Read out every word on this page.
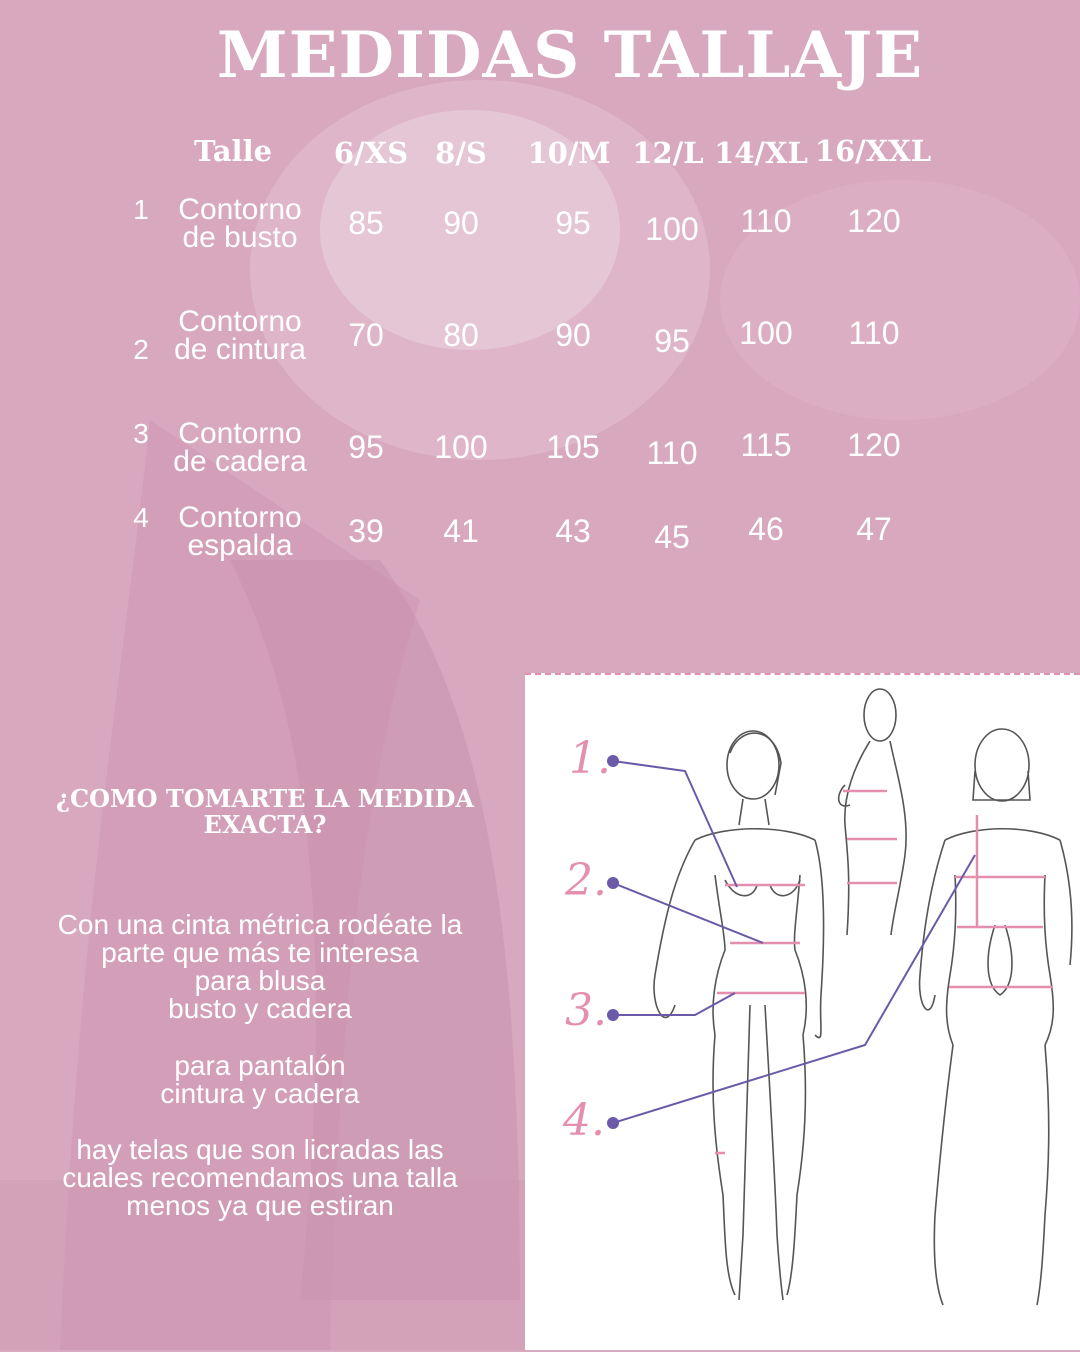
MEDIDAS TALLAJE
Talle	6/XS 8/S	10/M 12/L 14/XL 16/XXL
1 Contorno
de busto	85	90	95	100	110	120
2
Contorno
de cintura	70	80	90	95	100	110
3 Contorno
de cadera	95	100	105	110	115	120
4 Contorno
espalda	39	41	43	45	46	47
¿COMO TOMARTE LA MEDIDA
EXACTA?
Con una cinta métrica rodéate la
parte que más te interesa
para blusa
busto y cadera
para pantalón
cintura y cadera
hay telas que son licradas las
cuales recomendamos una talla
menos ya que estiran
1.
2.
3.
4.
